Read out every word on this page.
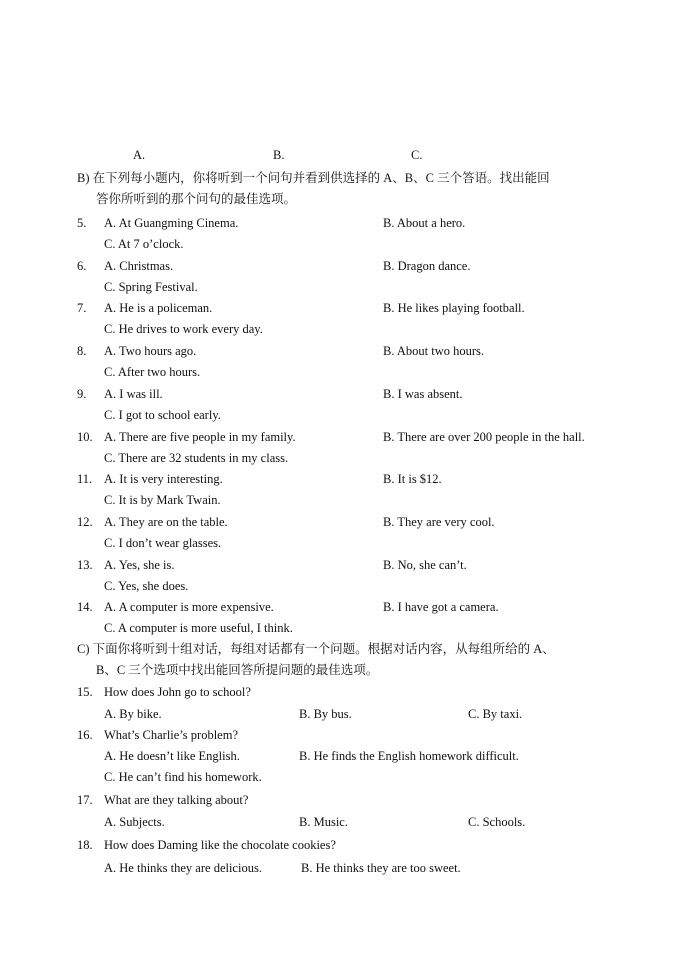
A.	B.	C.
B) 在下列每小题内，你将听到一个问句并看到供选择的 A、B、C 三个答语。找出能回
答你所听到的那个问句的最佳选项。
5. A. At Guangming Cinema.	B. About a hero.
C. At 7 o’clock.
6. A. Christmas.	B. Dragon dance.
C. Spring Festival.
7. A. He is a policeman.	B. He likes playing football.
C. He drives to work every day.
8. A. Two hours ago.	B. About two hours.
C. After two hours.
9. A. I was ill.	B. I was absent.
C. I got to school early.
10. A. There are five people in my family.	B. There are over 200 people in the hall.
C. There are 32 students in my class.
11. A. It is very interesting.	B. It is $12.
C. It is by Mark Twain.
12. A. They are on the table.	B. They are very cool.
C. I don’t wear glasses.
13. A. Yes, she is.	B. No, she can’t.
C. Yes, she does.
14. A. A computer is more expensive.	B. I have got a camera.
C. A computer is more useful, I think.
C) 下面你将听到十组对话，每组对话都有一个问题。根据对话内容，从每组所给的 A、
B、C 三个选项中找出能回答所提问题的最佳选项。
15. How does John go to school?
A. By bike.	B. By bus.	C. By taxi.
16. What’s Charlie’s problem?
A. He doesn’t like English.	B. He finds the English homework difficult.
C. He can’t find his homework.
17. What are they talking about?
A. Subjects.	B. Music.	C. Schools.
18. How does Daming like the chocolate cookies?
A. He thinks they are delicious.	B. He thinks they are too sweet.
